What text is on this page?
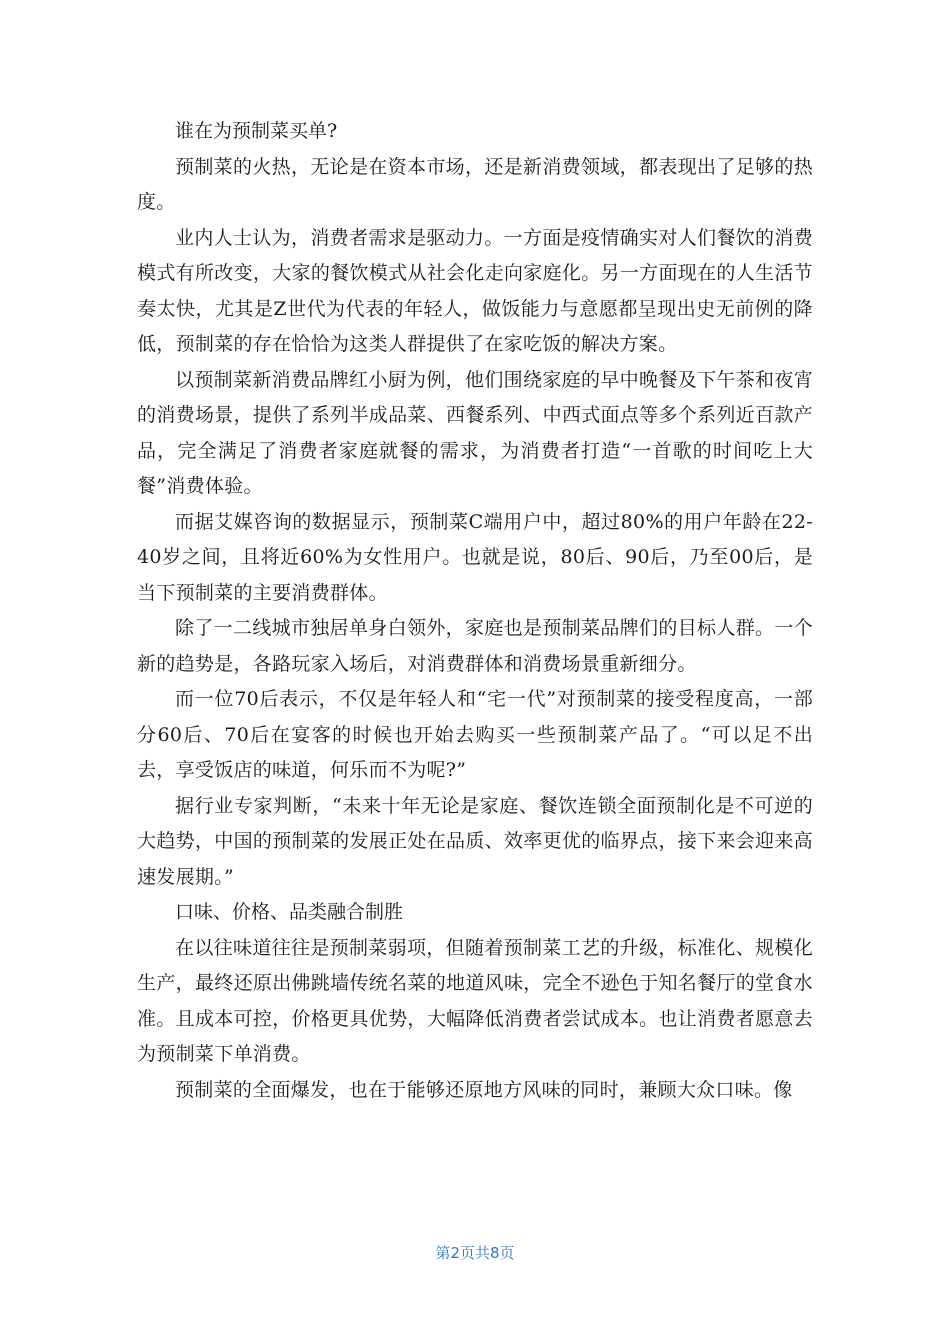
谁在为预制菜买单?

预制菜的火热，无论是在资本市场，还是新消费领域，都表现出了足够的热度。

业内人士认为，消费者需求是驱动力。一方面是疫情确实对人们餐饮的消费模式有所改变，大家的餐饮模式从社会化走向家庭化。另一方面现在的人生活节奏太快，尤其是Z世代为代表的年轻人，做饭能力与意愿都呈现出史无前例的降低，预制菜的存在恰恰为这类人群提供了在家吃饭的解决方案。

以预制菜新消费品牌红小厨为例，他们围绕家庭的早中晚餐及下午茶和夜宵的消费场景，提供了系列半成品菜、西餐系列、中西式面点等多个系列近百款产品，完全满足了消费者家庭就餐的需求，为消费者打造“一首歌的时间吃上大餐”消费体验。

而据艾媒咨询的数据显示，预制菜C端用户中，超过80%的用户年龄在22-40岁之间，且将近60%为女性用户。也就是说，80后、90后，乃至00后，是当下预制菜的主要消费群体。

除了一二线城市独居单身白领外，家庭也是预制菜品牌们的目标人群。一个新的趋势是，各路玩家入场后，对消费群体和消费场景重新细分。

而一位70后表示，不仅是年轻人和“宅一代”对预制菜的接受程度高，一部分60后、70后在宴客的时候也开始去购买一些预制菜产品了。“可以足不出去，享受饭店的味道，何乐而不为呢?”

据行业专家判断，“未来十年无论是家庭、餐饮连锁全面预制化是不可逆的大趋势，中国的预制菜的发展正处在品质、效率更优的临界点，接下来会迎来高速发展期。”

口味、价格、品类融合制胜

在以往味道往往是预制菜弱项，但随着预制菜工艺的升级，标准化、规模化生产，最终还原出佛跳墙传统名菜的地道风味，完全不逊色于知名餐厅的堂食水准。且成本可控，价格更具优势，大幅降低消费者尝试成本。也让消费者愿意去为预制菜下单消费。

预制菜的全面爆发，也在于能够还原地方风味的同时，兼顾大众口味。像

第2页共8页
